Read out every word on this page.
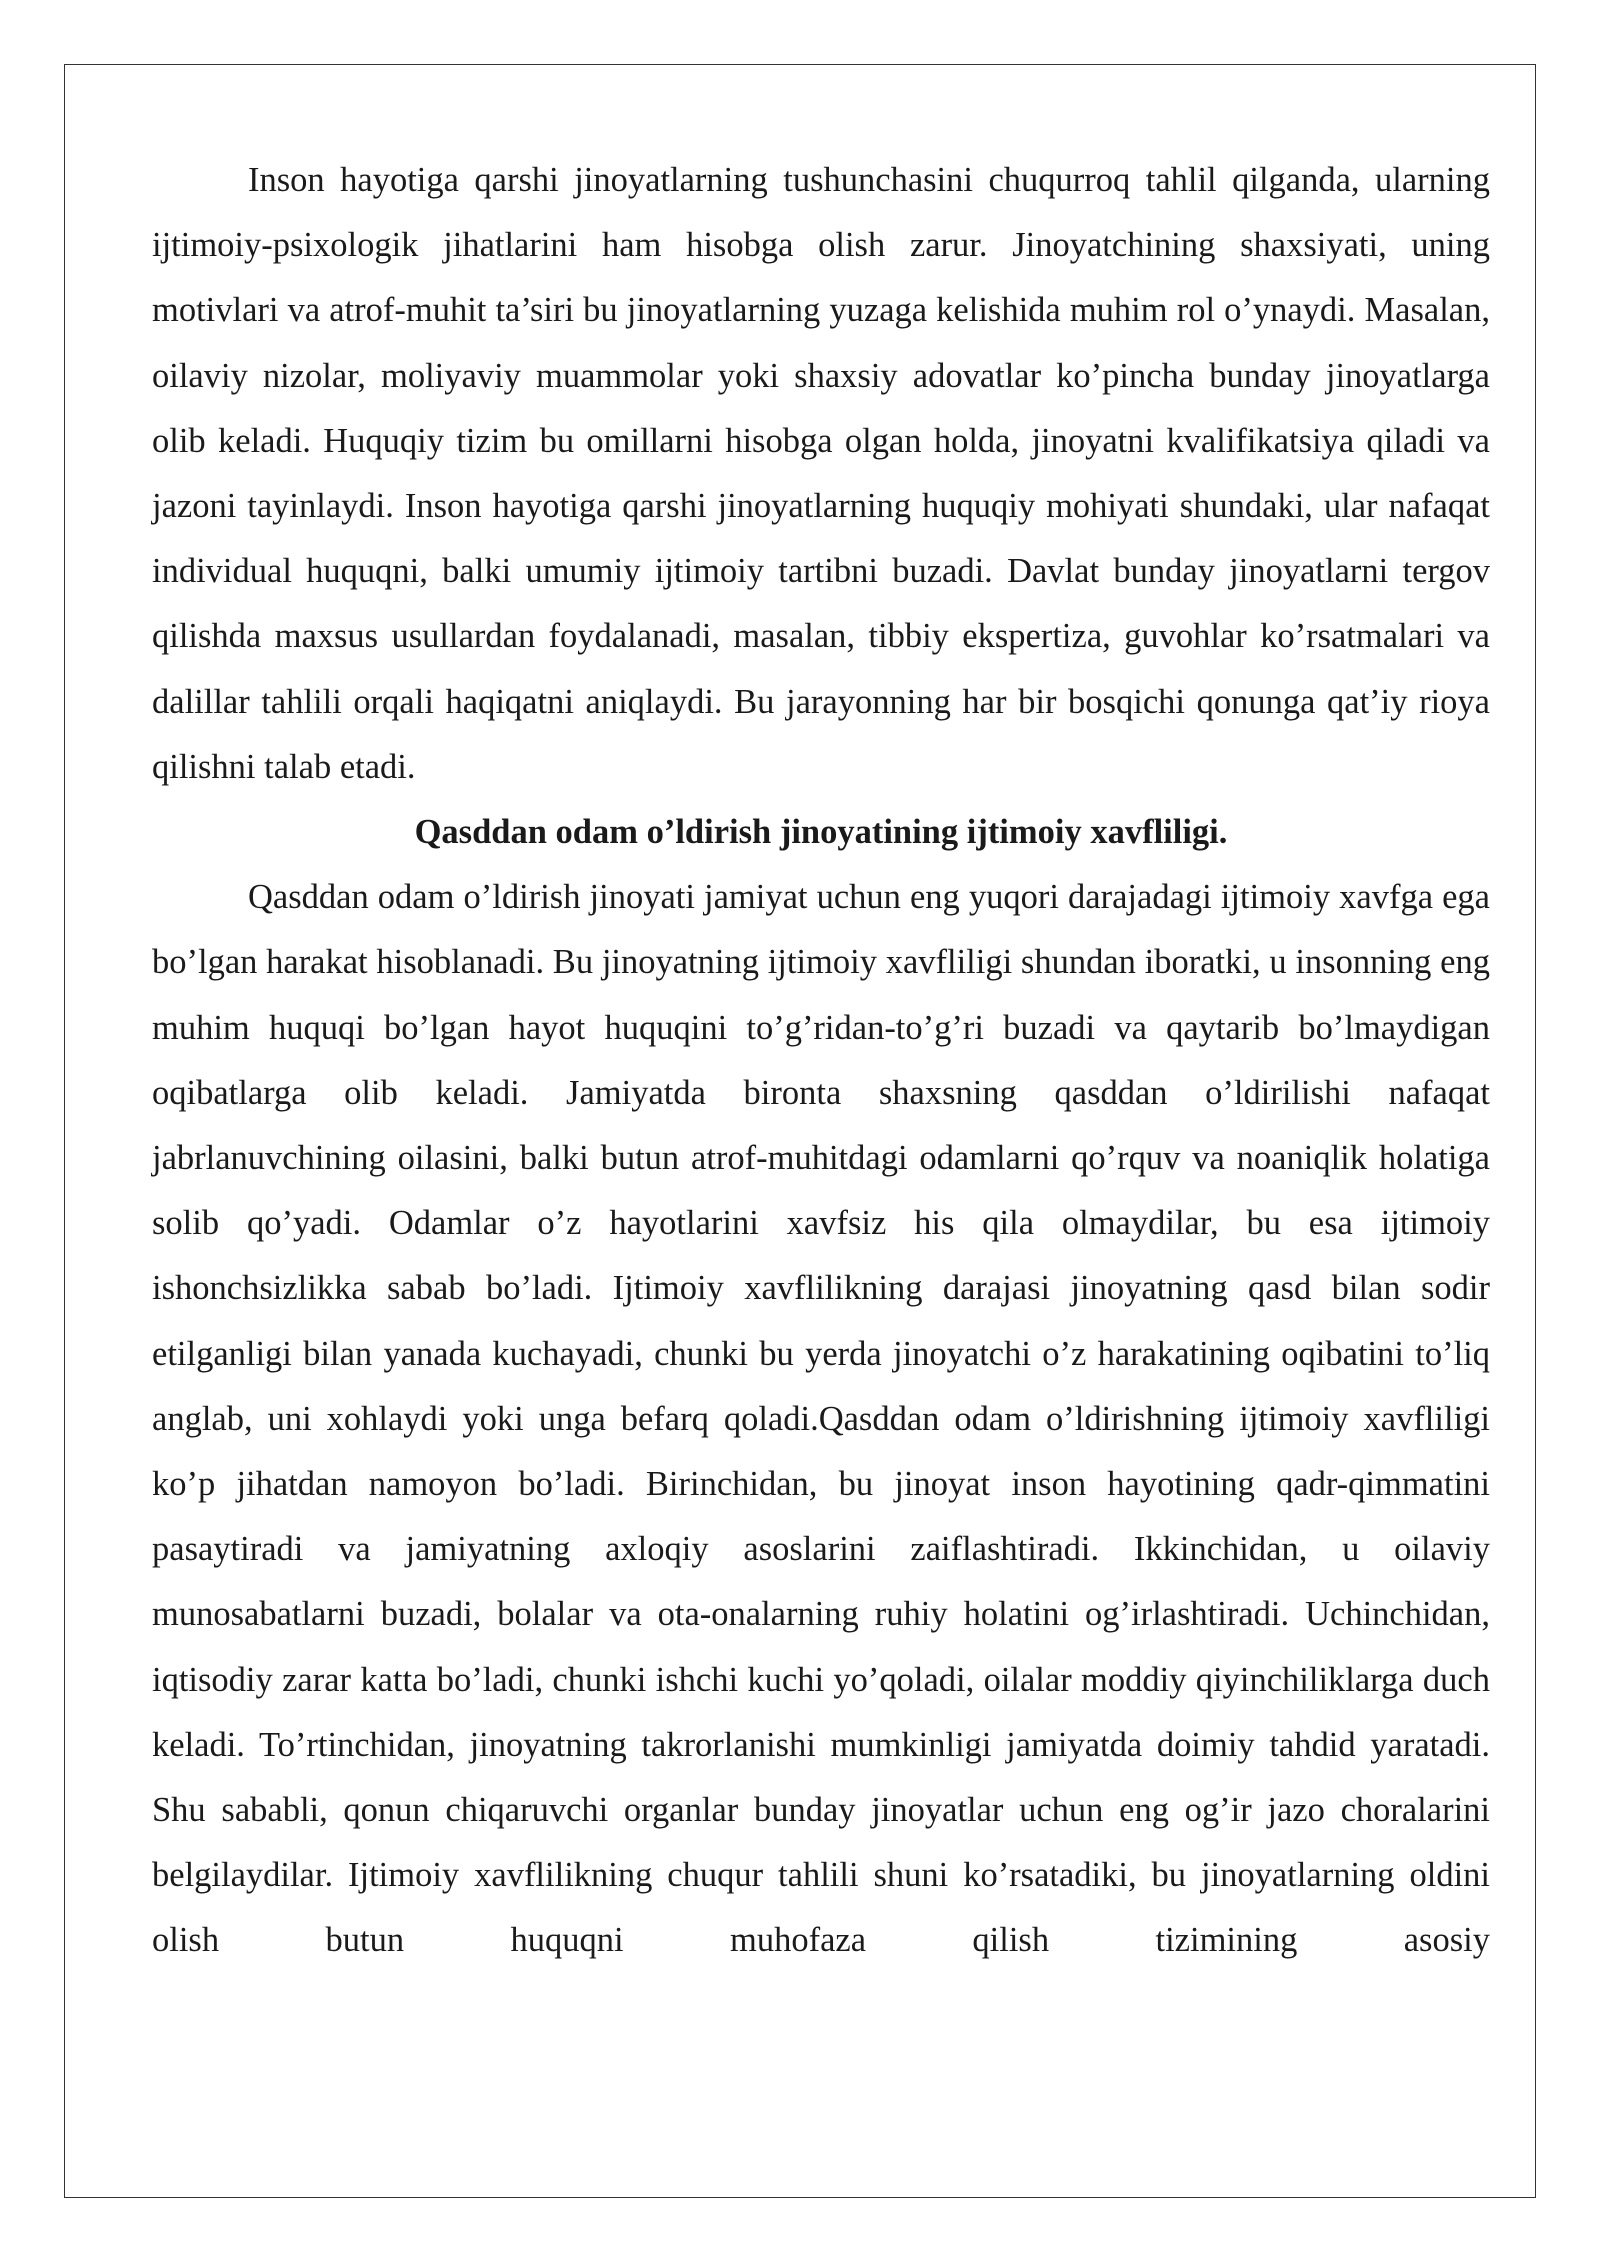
Inson hayotiga qarshi jinoyatlarning tushunchasini chuqurroq tahlil qilganda, ularning ijtimoiy-psixologik jihatlarini ham hisobga olish zarur. Jinoyatchining shaxsiyati, uning motivlari va atrof-muhit ta’siri bu jinoyatlarning yuzaga kelishida muhim rol o’ynaydi. Masalan, oilaviy nizolar, moliyaviy muammolar yoki shaxsiy adovatlar ko’pincha bunday jinoyatlarga olib keladi. Huquqiy tizim bu omillarni hisobga olgan holda, jinoyatni kvalifikatsiya qiladi va jazoni tayinlaydi. Inson hayotiga qarshi jinoyatlarning huquqiy mohiyati shundaki, ular nafaqat individual huquqni, balki umumiy ijtimoiy tartibni buzadi. Davlat bunday jinoyatlarni tergov qilishda maxsus usullardan foydalanadi, masalan, tibbiy ekspertiza, guvohlar ko’rsatmalari va dalillar tahlili orqali haqiqatni aniqlaydi. Bu jarayonning har bir bosqichi qonunga qat’iy rioya qilishni talab etadi.

Qasddan odam o’ldirish jinoyatining ijtimoiy xavfliligi.

Qasddan odam o’ldirish jinoyati jamiyat uchun eng yuqori darajadagi ijtimoiy xavfga ega bo’lgan harakat hisoblanadi. Bu jinoyatning ijtimoiy xavfliligi shundan iboratki, u insonning eng muhim huquqi bo’lgan hayot huquqini to’g’ridan-to’g’ri buzadi va qaytarib bo’lmaydigan oqibatlarga olib keladi. Jamiyatda bironta shaxsning qasddan o’ldirilishi nafaqat jabrlanuvchining oilasini, balki butun atrof-muhitdagi odamlarni qo’rquv va noaniqlik holatiga solib qo’yadi. Odamlar o’z hayotlarini xavfsiz his qila olmaydilar, bu esa ijtimoiy ishonchsizlikka sabab bo’ladi. Ijtimoiy xavflilikning darajasi jinoyatning qasd bilan sodir etilganligi bilan yanada kuchayadi, chunki bu yerda jinoyatchi o’z harakatining oqibatini to’liq anglab, uni xohlaydi yoki unga befarq qoladi.Qasddan odam o’ldirishning ijtimoiy xavfliligi ko’p jihatdan namoyon bo’ladi. Birinchidan, bu jinoyat inson hayotining qadr-qimmatini pasaytiradi va jamiyatning axloqiy asoslarini zaiflashtiradi. Ikkinchidan, u oilaviy munosabatlarni buzadi, bolalar va ota-onalarning ruhiy holatini og’irlashtiradi. Uchinchidan, iqtisodiy zarar katta bo’ladi, chunki ishchi kuchi yo’qoladi, oilalar moddiy qiyinchiliklarga duch keladi. To’rtinchidan, jinoyatning takrorlanishi mumkinligi jamiyatda doimiy tahdid yaratadi. Shu sababli, qonun chiqaruvchi organlar bunday jinoyatlar uchun eng og’ir jazo choralarini belgilaydilar. Ijtimoiy xavflilikning chuqur tahlili shuni ko’rsatadiki, bu jinoyatlarning oldini olish butun huquqni muhofaza qilish tizimining asosiy
